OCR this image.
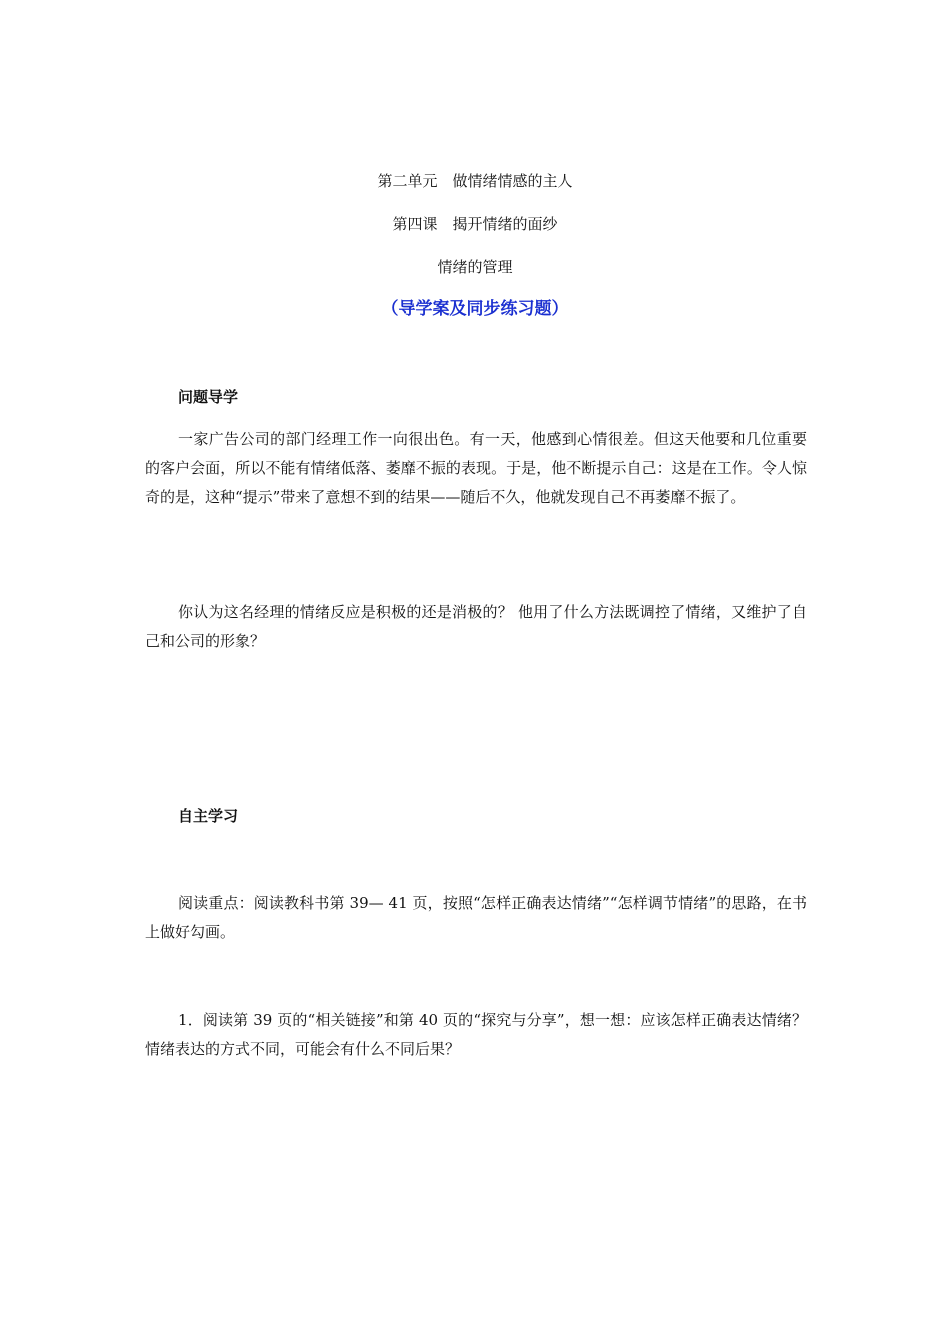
第二单元　做情绪情感的主人
第四课　揭开情绪的面纱
情绪的管理
（导学案及同步练习题）
问题导学

一家广告公司的部门经理工作一向很出色。有一天，他感到心情很差。但这天他要和几位重要的客户会面，所以不能有情绪低落、萎靡不振的表现。于是，他不断提示自己：这是在工作。令人惊奇的是，这种“提示”带来了意想不到的结果——随后不久，他就发现自己不再萎靡不振了。

你认为这名经理的情绪反应是积极的还是消极的？ 他用了什么方法既调控了情绪，又维护了自己和公司的形象？

自主学习

阅读重点：阅读教科书第 39— 41 页，按照“怎样正确表达情绪”“怎样调节情绪”的思路，在书上做好勾画。

1．阅读第 39 页的“相关链接”和第 40 页的“探究与分享”，想一想：应该怎样正确表达情绪？情绪表达的方式不同，可能会有什么不同后果？
